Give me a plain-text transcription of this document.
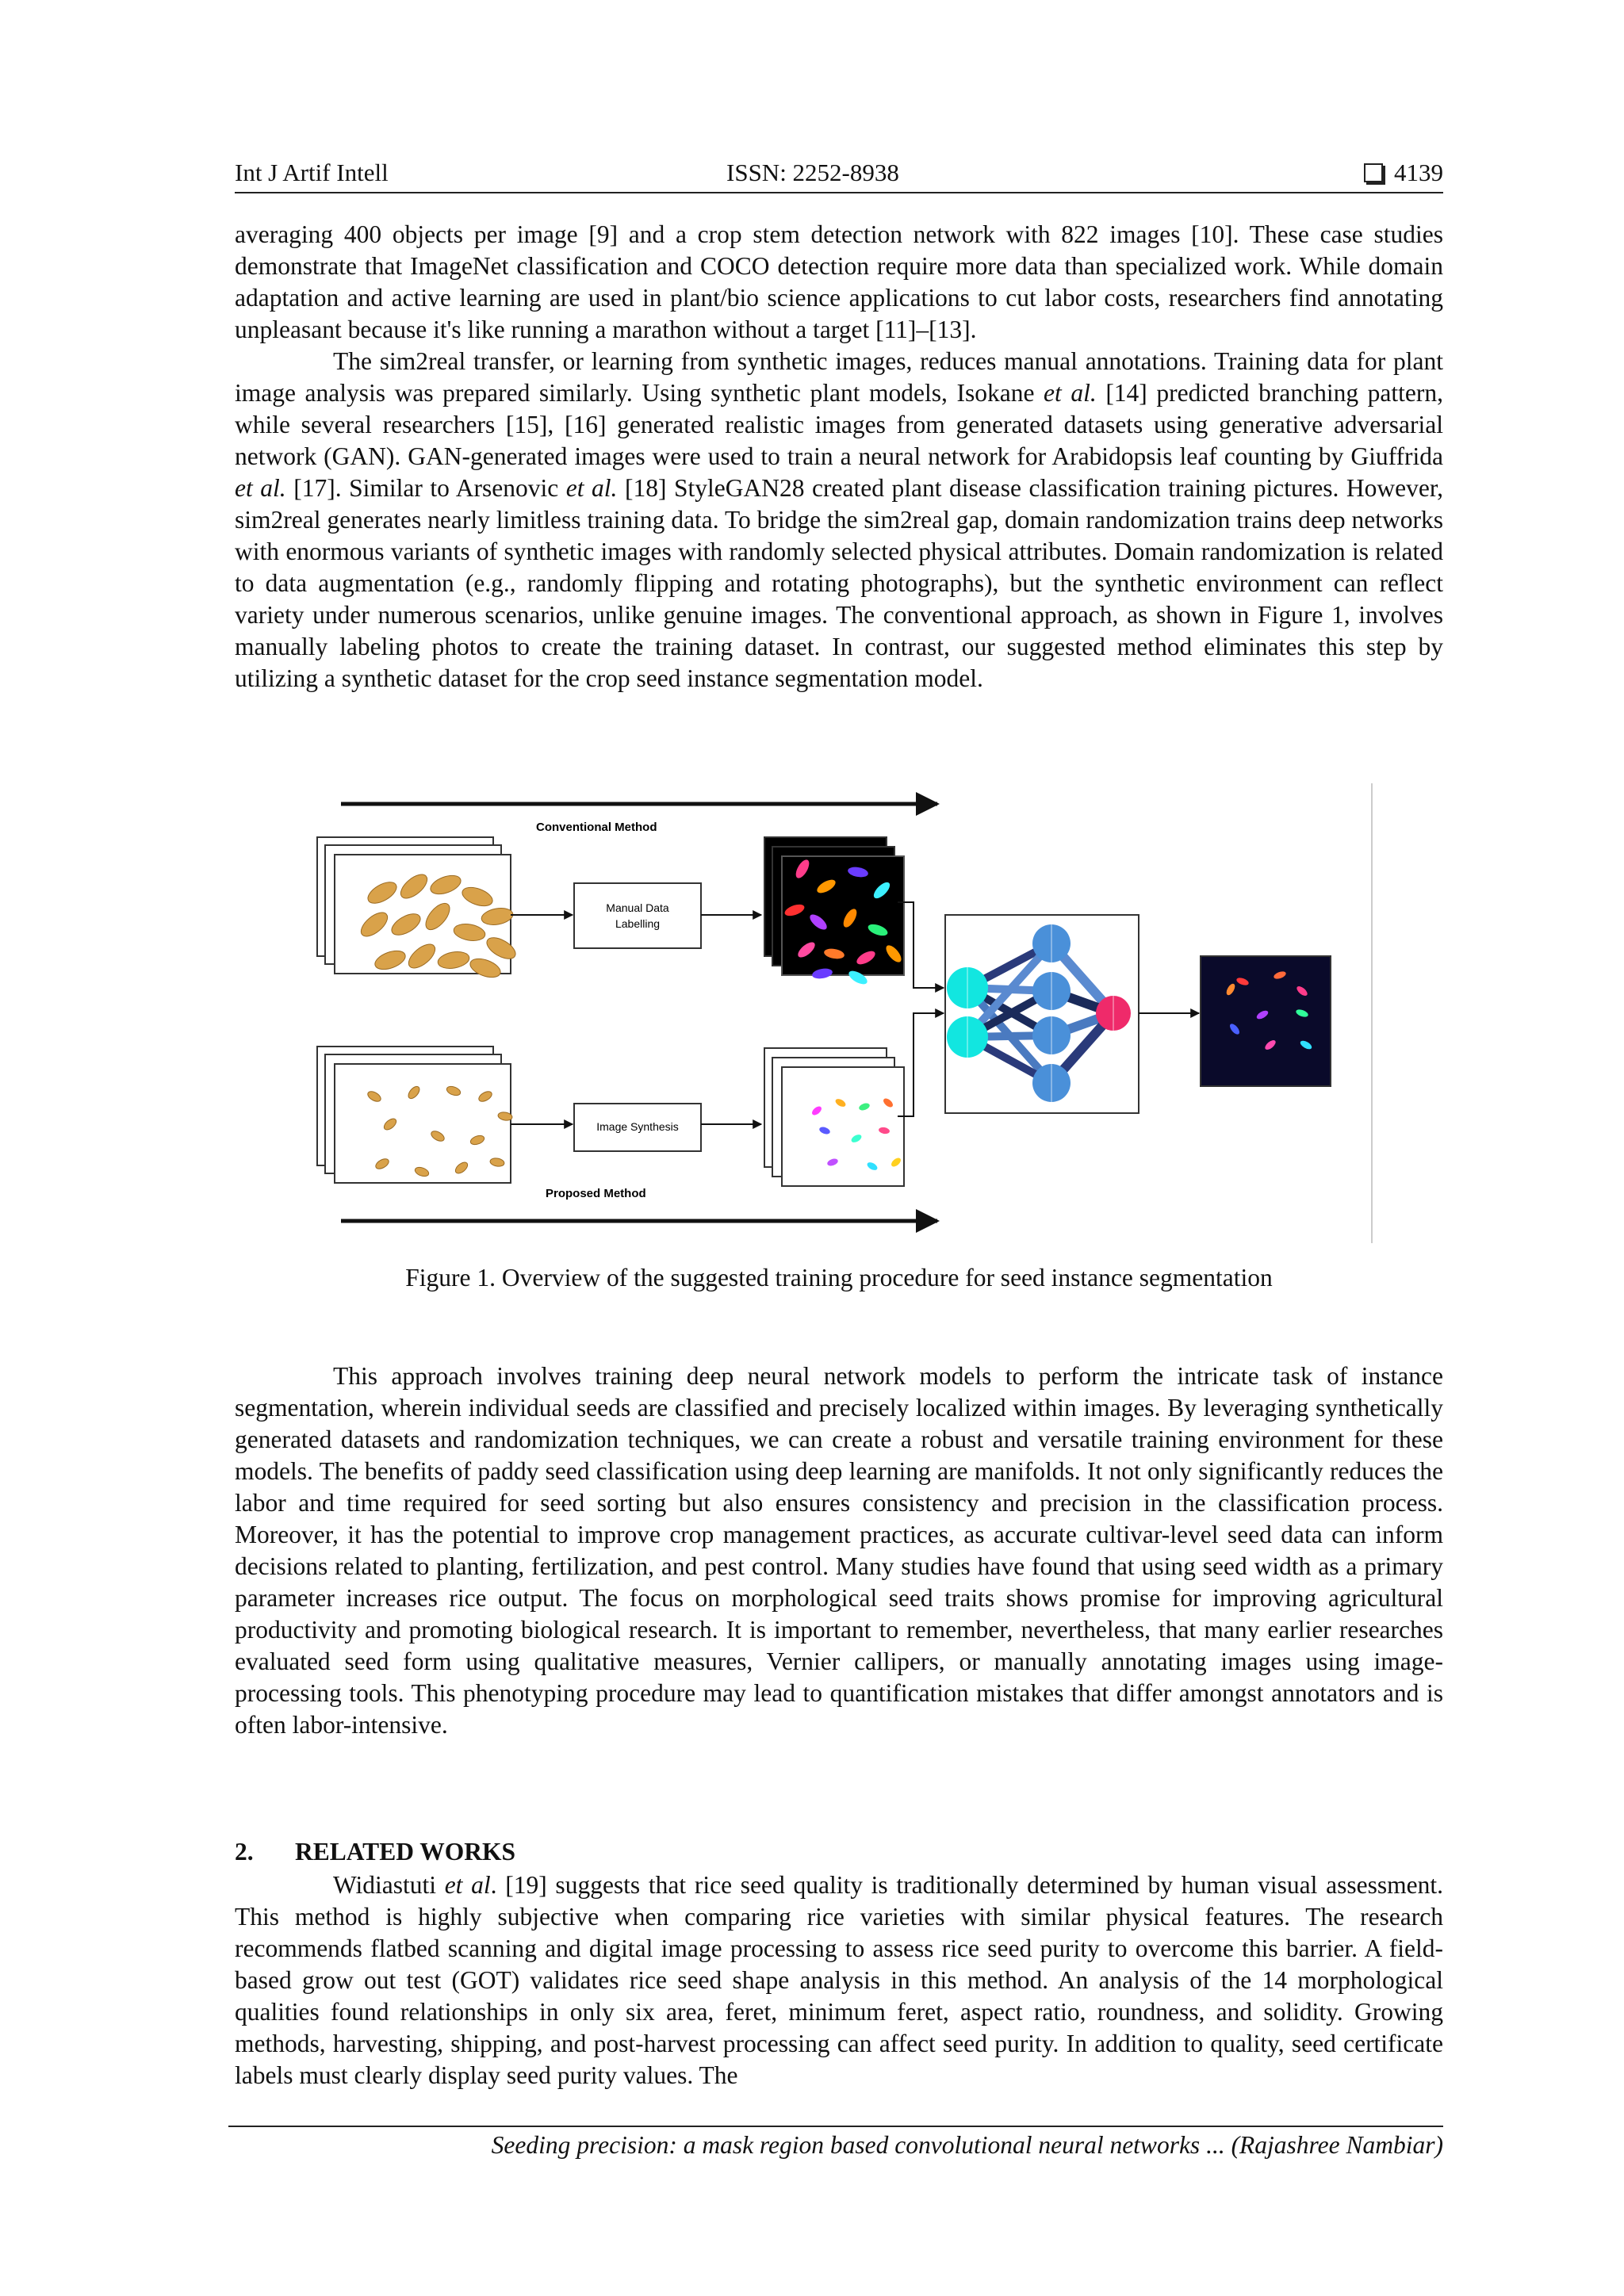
Int J Artif Intell	ISSN: 2252-8938	4139

averaging 400 objects per image [9] and a crop stem detection network with 822 images [10]. These case studies demonstrate that ImageNet classification and COCO detection require more data than specialized work. While domain adaptation and active learning are used in plant/bio science applications to cut labor costs, researchers find annotating unpleasant because it's like running a marathon without a target [11]–[13].

The sim2real transfer, or learning from synthetic images, reduces manual annotations. Training data for plant image analysis was prepared similarly. Using synthetic plant models, Isokane et al. [14] predicted branching pattern, while several researchers [15], [16] generated realistic images from generated datasets using generative adversarial network (GAN). GAN-generated images were used to train a neural network for Arabidopsis leaf counting by Giuffrida et al. [17]. Similar to Arsenovic et al. [18] StyleGAN28 created plant disease classification training pictures. However, sim2real generates nearly limitless training data. To bridge the sim2real gap, domain randomization trains deep networks with enormous variants of synthetic images with randomly selected physical attributes. Domain randomization is related to data augmentation (e.g., randomly flipping and rotating photographs), but the synthetic environment can reflect variety under numerous scenarios, unlike genuine images. The conventional approach, as shown in Figure 1, involves manually labeling photos to create the training dataset. In contrast, our suggested method eliminates this step by utilizing a synthetic dataset for the crop seed instance segmentation model.

Conventional Method
Manual Data
Labelling
Image Synthesis
Proposed Method
Figure 1. Overview of the suggested training procedure for seed instance segmentation

This approach involves training deep neural network models to perform the intricate task of instance segmentation, wherein individual seeds are classified and precisely localized within images. By leveraging synthetically generated datasets and randomization techniques, we can create a robust and versatile training environment for these models. The benefits of paddy seed classification using deep learning are manifolds. It not only significantly reduces the labor and time required for seed sorting but also ensures consistency and precision in the classification process. Moreover, it has the potential to improve crop management practices, as accurate cultivar-level seed data can inform decisions related to planting, fertilization, and pest control. Many studies have found that using seed width as a primary parameter increases rice output. The focus on morphological seed traits shows promise for improving agricultural productivity and promoting biological research. It is important to remember, nevertheless, that many earlier researches evaluated seed form using qualitative measures, Vernier callipers, or manually annotating images using image-processing tools. This phenotyping procedure may lead to quantification mistakes that differ amongst annotators and is often labor-intensive.

2. RELATED WORKS

Widiastuti et al. [19] suggests that rice seed quality is traditionally determined by human visual assessment. This method is highly subjective when comparing rice varieties with similar physical features. The research recommends flatbed scanning and digital image processing to assess rice seed purity to overcome this barrier. A field-based grow out test (GOT) validates rice seed shape analysis in this method. An analysis of the 14 morphological qualities found relationships in only six area, feret, minimum feret, aspect ratio, roundness, and solidity. Growing methods, harvesting, shipping, and post-harvest processing can affect seed purity. In addition to quality, seed certificate labels must clearly display seed purity values. The

Seeding precision: a mask region based convolutional neural networks ... (Rajashree Nambiar)
